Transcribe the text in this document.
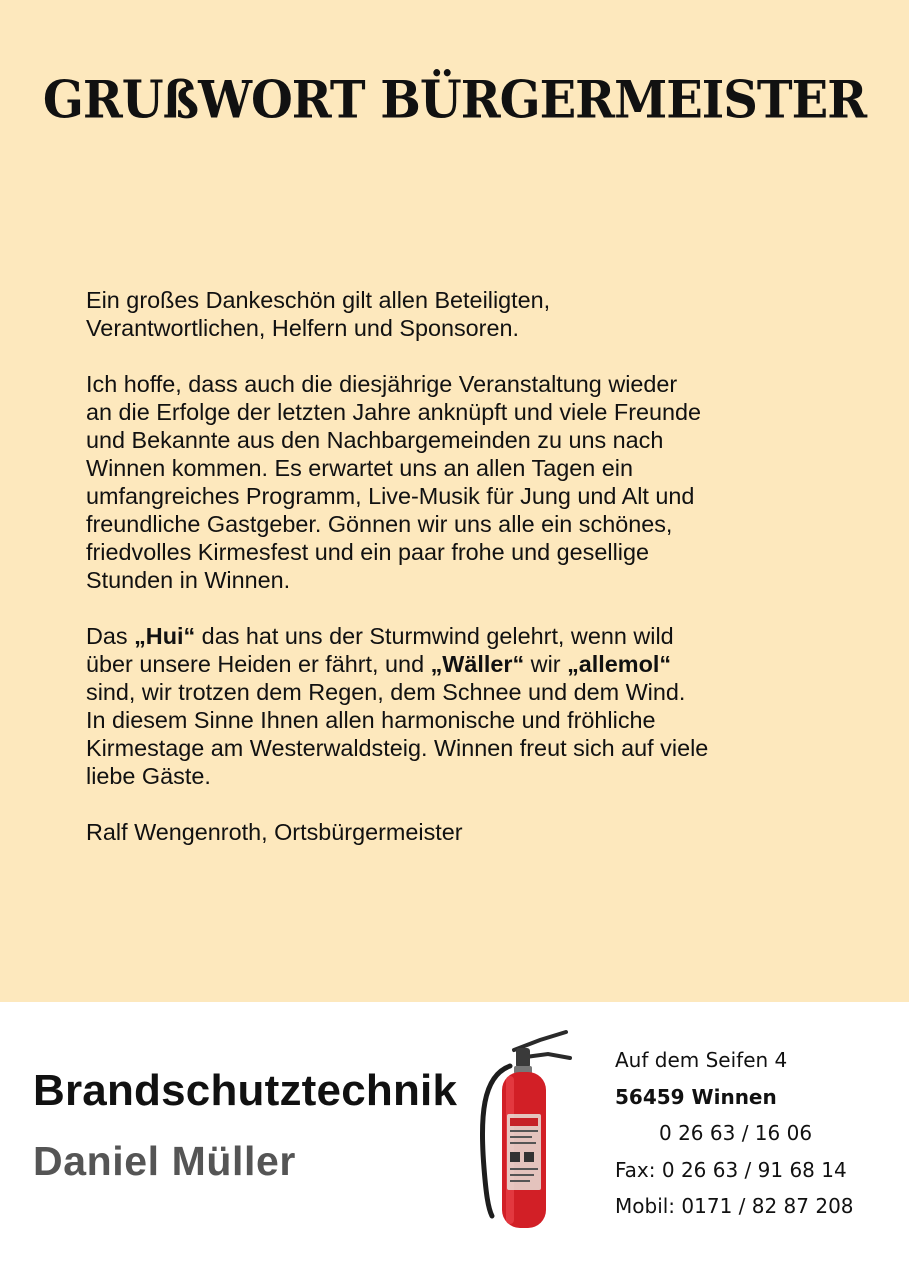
GRUßWORT BÜRGERMEISTER

Ein großes Dankeschön gilt allen Beteiligten,
Verantwortlichen, Helfern und Sponsoren.

Ich hoffe, dass auch die diesjährige Veranstaltung wieder
an die Erfolge der letzten Jahre anknüpft und viele Freunde
und Bekannte aus den Nachbargemeinden zu uns nach
Winnen kommen. Es erwartet uns an allen Tagen ein
umfangreiches Programm, Live-Musik für Jung und Alt und
freundliche Gastgeber. Gönnen wir uns alle ein schönes,
friedvolles Kirmesfest und ein paar frohe und gesellige
Stunden in Winnen.

Das „Hui“ das hat uns der Sturmwind gelehrt, wenn wild
über unsere Heiden er fährt, und „Wäller“ wir „allemol“
sind, wir trotzen dem Regen, dem Schnee und dem Wind.
In diesem Sinne Ihnen allen harmonische und fröhliche
Kirmestage am Westerwaldsteig. Winnen freut sich auf viele
liebe Gäste.

Ralf Wengenroth, Ortsbürgermeister

Brandschutztechnik
Daniel Müller
Auf dem Seifen 4
56459 Winnen
0 26 63 / 16 06
Fax: 0 26 63 / 91 68 14
Mobil: 0171 / 82 87 208
